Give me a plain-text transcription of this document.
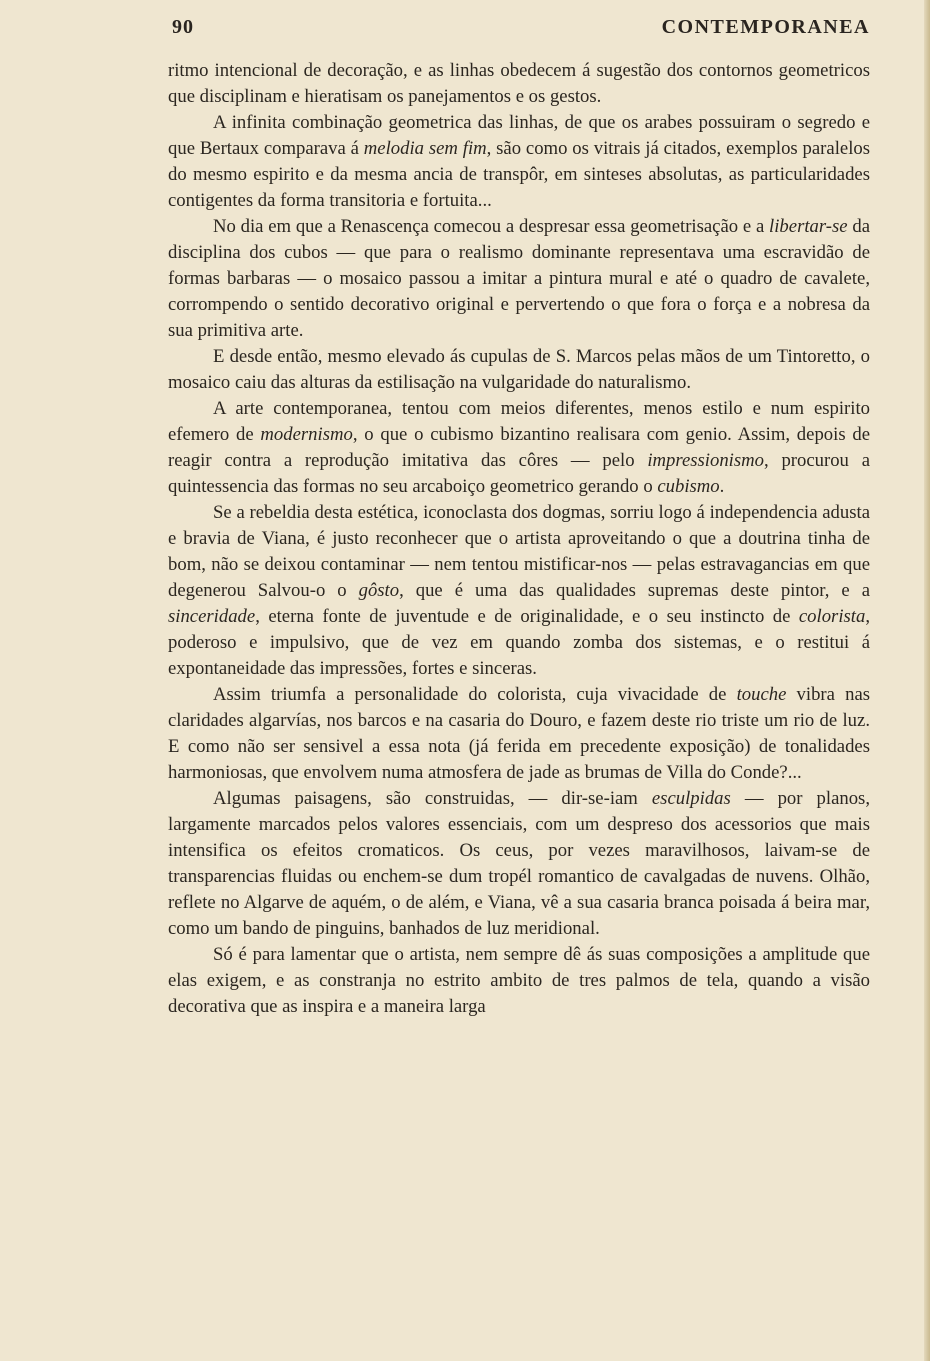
90	CONTEMPORANEA

ritmo intencional de decoração, e as linhas obedecem á sugestão dos contornos geometricos que disciplinam e hieratisam os panejamentos e os gestos.

A infinita combinação geometrica das linhas, de que os arabes possuiram o segredo e que Bertaux comparava á melodia sem fim, são como os vitrais já citados, exemplos paralelos do mesmo espirito e da mesma ancia de transpôr, em sinteses absolutas, as particularidades contigentes da forma transitoria e fortuita...

No dia em que a Renascença comecou a despresar essa geometrisação e a libertar-se da disciplina dos cubos — que para o realismo dominante representava uma escravidão de formas barbaras — o mosaico passou a imitar a pintura mural e até o quadro de cavalete, corrompendo o sentido decorativo original e pervertendo o que fora o força e a nobresa da sua primitiva arte.

E desde então, mesmo elevado ás cupulas de S. Marcos pelas mãos de um Tintoretto, o mosaico caiu das alturas da estilisação na vulgaridade do naturalismo.

A arte contemporanea, tentou com meios diferentes, menos estilo e num espirito efemero de modernismo, o que o cubismo bizantino realisara com genio. Assim, depois de reagir contra a reprodução imitativa das côres — pelo impressionismo, procurou a quintessencia das formas no seu arcaboiço geometrico gerando o cubismo.

Se a rebeldia desta estética, iconoclasta dos dogmas, sorriu logo á independencia adusta e bravia de Viana, é justo reconhecer que o artista aproveitando o que a doutrina tinha de bom, não se deixou contaminar — nem tentou mistificar-nos — pelas estravagancias em que degenerou Salvou-o o gôsto, que é uma das qualidades supremas deste pintor, e a sinceridade, eterna fonte de juventude e de originalidade, e o seu instincto de colorista, poderoso e impulsivo, que de vez em quando zomba dos sistemas, e o restitui á expontaneidade das impressões, fortes e sinceras.

Assim triumfa a personalidade do colorista, cuja vivacidade de touche vibra nas claridades algarvías, nos barcos e na casaria do Douro, e fazem deste rio triste um rio de luz. E como não ser sensivel a essa nota (já ferida em precedente exposição) de tonalidades harmoniosas, que envolvem numa atmosfera de jade as brumas de Villa do Conde?...

Algumas paisagens, são construidas, — dir-se-iam esculpidas — por planos, largamente marcados pelos valores essenciais, com um despreso dos acessorios que mais intensifica os efeitos cromaticos. Os ceus, por vezes maravilhosos, laivam-se de transparencias fluidas ou enchem-se dum tropél romantico de cavalgadas de nuvens. Olhão, reflete no Algarve de aquém, o de além, e Viana, vê a sua casaria branca poisada á beira mar, como um bando de pinguins, banhados de luz meridional.

Só é para lamentar que o artista, nem sempre dê ás suas composições a amplitude que elas exigem, e as constranja no estrito ambito de tres palmos de tela, quando a visão decorativa que as inspira e a maneira larga
